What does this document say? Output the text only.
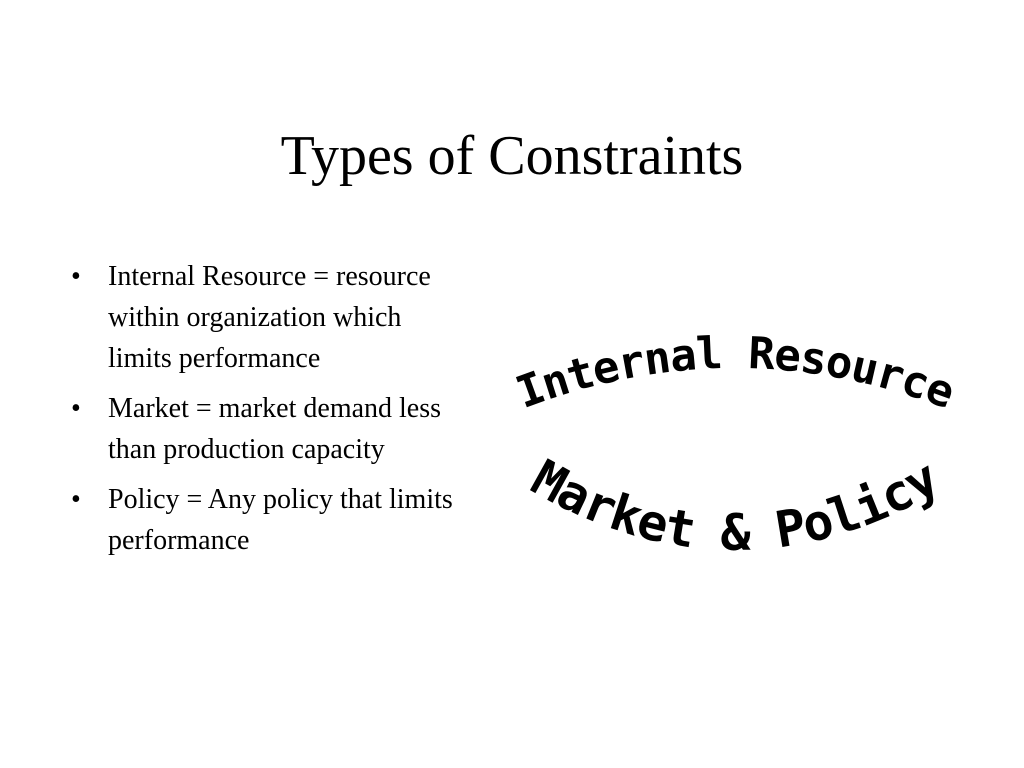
Types of Constraints
• Internal Resource = resource within organization which limits performance
• Market = market demand less than production capacity
• Policy = Any policy that limits performance
Internal Resource
Market & Policy
